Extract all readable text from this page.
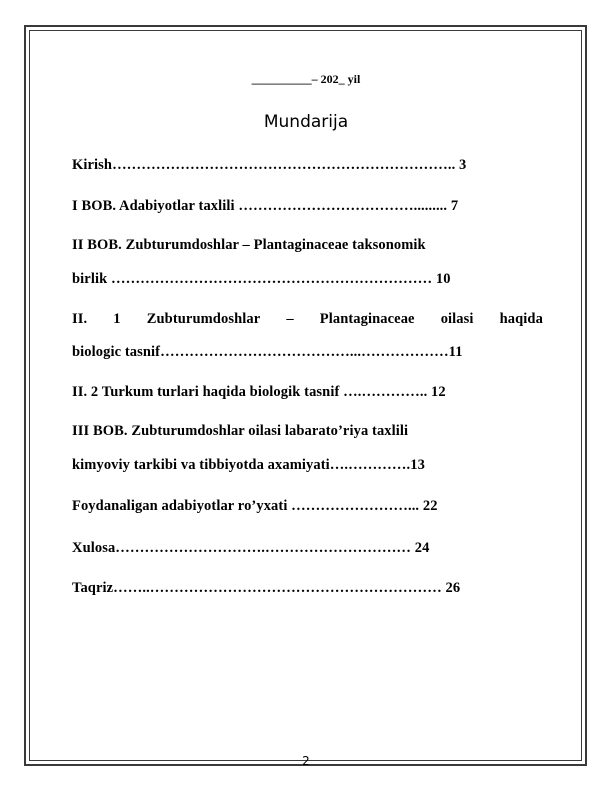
__________– 202_ yil
Mundarija
Kirish…………………………………………………………….. 3
I BOB. Adabiyotlar taxlili ………………………………......... 7
II BOB. Zubturumdoshlar – Plantaginaceae taksonomik
birlik ………………………………………………………… 10
II. 1 Zubturumdoshlar – Plantaginaceae oilasi haqida
biologic tasnif…………………………………...………………11
II. 2 Turkum turlari haqida biologik tasnif ….………….. 12
III BOB. Zubturumdoshlar oilasi labarato’riya taxlili
kimyoviy tarkibi va tibbiyotda axamiyati….………….13
Foydanaligan adabiyotlar ro’yxati ……………………... 22
Xulosa………………………….………………………… 24
Taqriz……..…………………………………………………… 26
2
